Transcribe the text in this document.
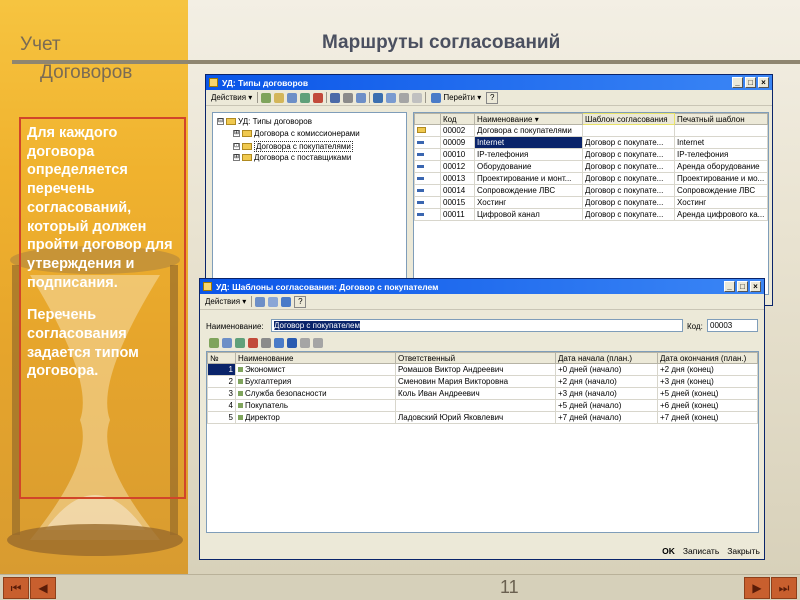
Учет
Договоров
Маршруты согласований

Для каждого договора определяется перечень согласований, который должен пройти договор для утверждения и подписания.

Перечень согласования задается типом договора.

УД: Типы договоров	_	□	×
Действия ▾	Перейти ▾	?
⊟ УД: Типы договоров
⊞ Договора с комиссионерами
⊡ Договора с покупателями
⊞ Договора с поставщиками
	Код	Наименование ▾	Шаблон согласования	Печатный шаблон
	00002	Договора с покупателями		
	00009	Internet	Договор с покупате...	Internet
	00010	IP-телефония	Договор с покупате...	IP-телефония
	00012	Оборудование	Договор с покупате...	Аренда оборудование
	00013	Проектирование и монт...	Договор с покупате...	Проектирование и мо...
	00014	Сопровождение ЛВС	Договор с покупате...	Сопровождение ЛВС
	00015	Хостинг	Договор с покупате...	Хостинг
	00011	Цифровой канал	Договор с покупате...	Аренда цифрового ка...
УД: Шаблоны согласования: Договор с покупателем	_	□	×
Действия ▾	?
Наименование:	Договор с покупателем	Код: 00003
№	Наименование	Ответственный	Дата начала (план.)	Дата окончания (план.)
1	Экономист	Ромашов Виктор Андреевич	+0 дней (начало)	+2 дня (конец)
2	Бухгалтерия	Сменовин Мария Викторовна	+2 дня (начало)	+3 дня (конец)
3	Служба безопасности	Коль Иван Андреевич	+3 дня (начало)	+5 дней (конец)
4	Покупатель		+5 дней (начало)	+6 дней (конец)
5	Директор	Ладовский Юрий Яковлевич	+7 дней (начало)	+7 дней (конец)
OK Записать Закрыть
⏮	◀	▶	⏭
11
